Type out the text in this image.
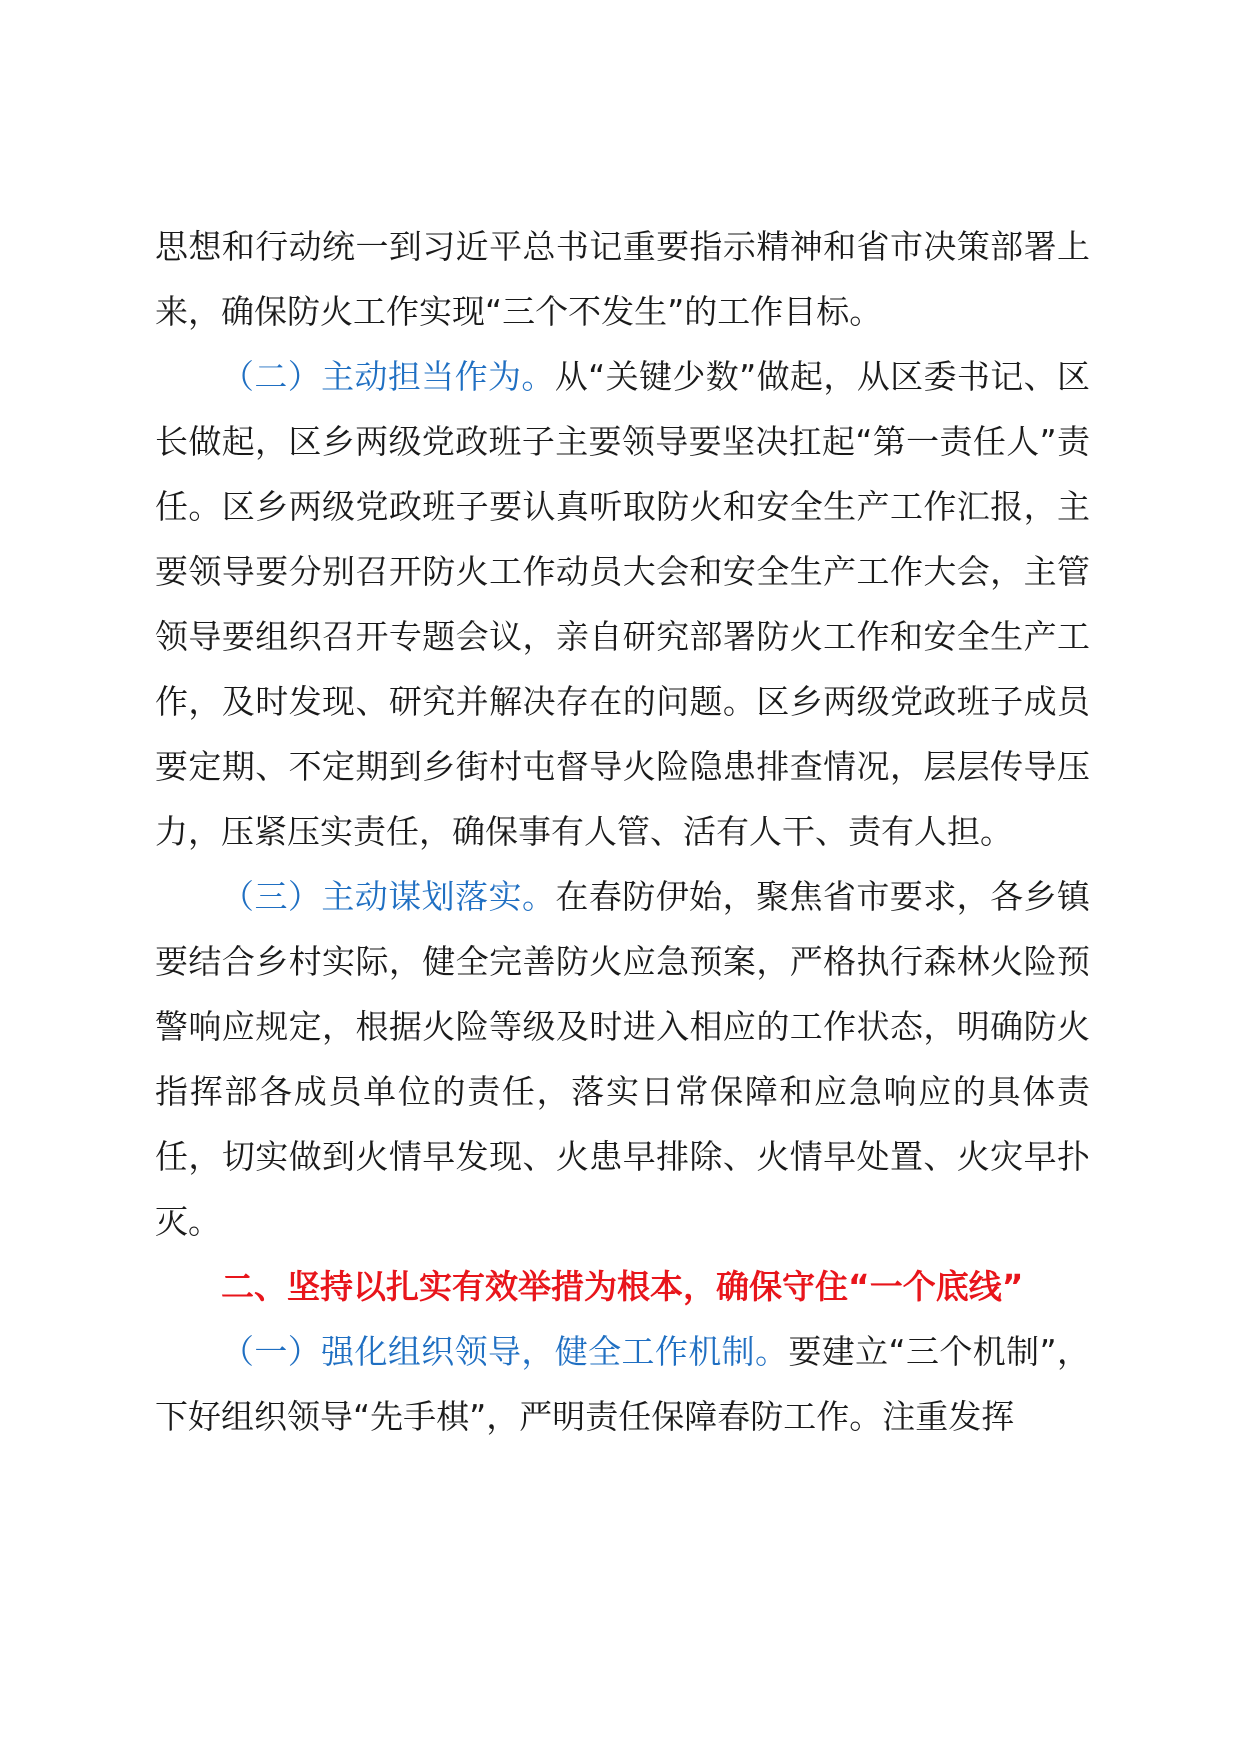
思想和行动统一到习近平总书记重要指示精神和省市决策部署上来，确保防火工作实现“三个不发生”的工作目标。

（二）主动担当作为。从“关键少数”做起，从区委书记、区长做起，区乡两级党政班子主要领导要坚决扛起“第一责任人”责任。区乡两级党政班子要认真听取防火和安全生产工作汇报，主要领导要分别召开防火工作动员大会和安全生产工作大会，主管领导要组织召开专题会议，亲自研究部署防火工作和安全生产工作，及时发现、研究并解决存在的问题。区乡两级党政班子成员要定期、不定期到乡街村屯督导火险隐患排查情况，层层传导压力，压紧压实责任，确保事有人管、活有人干、责有人担。

（三）主动谋划落实。在春防伊始，聚焦省市要求，各乡镇要结合乡村实际，健全完善防火应急预案，严格执行森林火险预警响应规定，根据火险等级及时进入相应的工作状态，明确防火指挥部各成员单位的责任，落实日常保障和应急响应的具体责任，切实做到火情早发现、火患早排除、火情早处置、火灾早扑灭。

二、坚持以扎实有效举措为根本，确保守住“一个底线”

（一）强化组织领导，健全工作机制。要建立“三个机制”，下好组织领导“先手棋”，严明责任保障春防工作。注重发挥
